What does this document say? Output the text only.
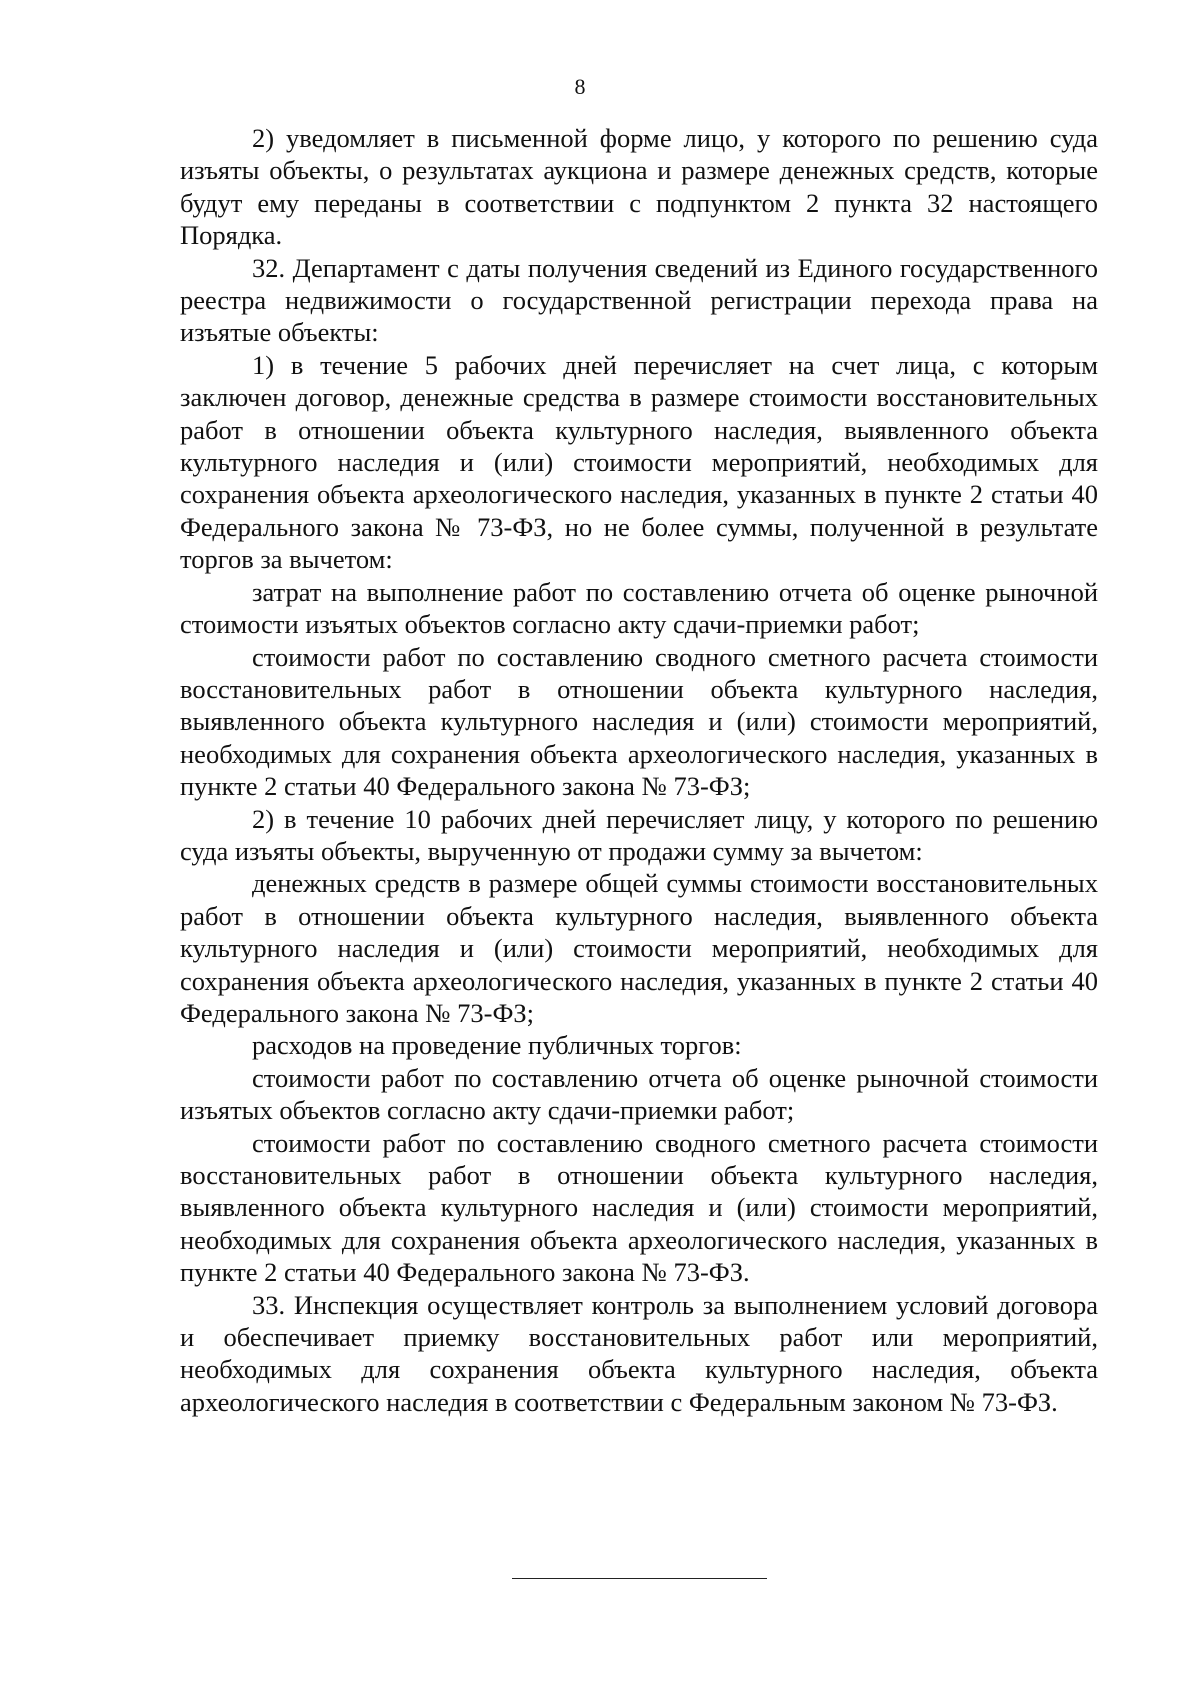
8

2) уведомляет в письменной форме лицо, у которого по решению суда изъяты объекты, о результатах аукциона и размере денежных средств, которые будут ему переданы в соответствии с подпунктом 2 пункта 32 настоящего Порядка.

32. Департамент с даты получения сведений из Единого государственного реестра недвижимости о государственной регистрации перехода права на изъятые объекты:

1) в течение 5 рабочих дней перечисляет на счет лица, с которым заключен договор, денежные средства в размере стоимости восстановительных работ в отношении объекта культурного наследия, выявленного объекта культурного наследия и (или) стоимости мероприятий, необходимых для сохранения объекта археологического наследия, указанных в пункте 2 статьи 40 Федерального закона № 73-ФЗ, но не более суммы, полученной в результате торгов за вычетом:

затрат на выполнение работ по составлению отчета об оценке рыночной стоимости изъятых объектов согласно акту сдачи-приемки работ;

стоимости работ по составлению сводного сметного расчета стоимости восстановительных работ в отношении объекта культурного наследия, выявленного объекта культурного наследия и (или) стоимости мероприятий, необходимых для сохранения объекта археологического наследия, указанных в пункте 2 статьи 40 Федерального закона № 73-ФЗ;

2) в течение 10 рабочих дней перечисляет лицу, у которого по решению суда изъяты объекты, вырученную от продажи сумму за вычетом:

денежных средств в размере общей суммы стоимости восстановительных работ в отношении объекта культурного наследия, выявленного объекта культурного наследия и (или) стоимости мероприятий, необходимых для сохранения объекта археологического наследия, указанных в пункте 2 статьи 40 Федерального закона № 73-ФЗ;

расходов на проведение публичных торгов:

стоимости работ по составлению отчета об оценке рыночной стоимости изъятых объектов согласно акту сдачи-приемки работ;

стоимости работ по составлению сводного сметного расчета стоимости восстановительных работ в отношении объекта культурного наследия, выявленного объекта культурного наследия и (или) стоимости мероприятий, необходимых для сохранения объекта археологического наследия, указанных в пункте 2 статьи 40 Федерального закона № 73-ФЗ.

33. Инспекция осуществляет контроль за выполнением условий договора и обеспечивает приемку восстановительных работ или мероприятий, необходимых для сохранения объекта культурного наследия, объекта археологического наследия в соответствии с Федеральным законом № 73-ФЗ.
